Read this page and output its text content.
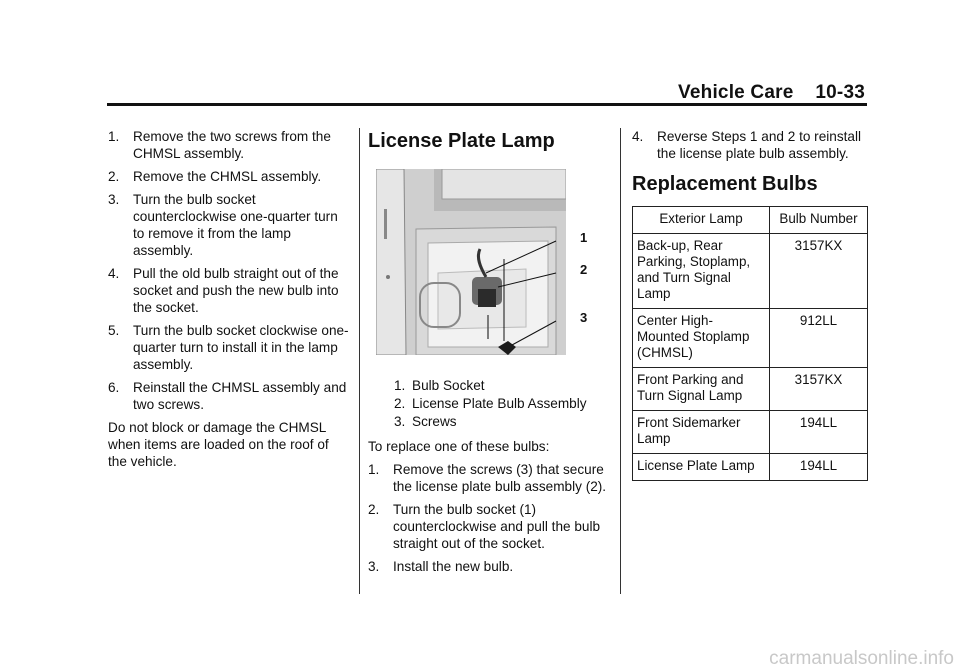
Vehicle Care 10-33
1. Remove the two screws from the CHMSL assembly.
2. Remove the CHMSL assembly.
3. Turn the bulb socket counterclockwise one-quarter turn to remove it from the lamp assembly.
4. Pull the old bulb straight out of the socket and push the new bulb into the socket.
5. Turn the bulb socket clockwise one-quarter turn to install it in the lamp assembly.
6. Reinstall the CHMSL assembly and two screws.

Do not block or damage the CHMSL when items are loaded on the roof of the vehicle.

License Plate Lamp
1
2
3
1. Bulb Socket
2. License Plate Bulb Assembly
3. Screws

To replace one of these bulbs:

1. Remove the screws (3) that secure the license plate bulb assembly (2).
2. Turn the bulb socket (1) counterclockwise and pull the bulb straight out of the socket.
3. Install the new bulb.
4. Reverse Steps 1 and 2 to reinstall the license plate bulb assembly.
Replacement Bulbs
Exterior Lamp	Bulb Number
Back-up, Rear Parking, Stoplamp, and Turn Signal Lamp	3157KX
Center High-Mounted Stoplamp (CHMSL)	912LL
Front Parking and Turn Signal Lamp	3157KX
Front Sidemarker Lamp	194LL
License Plate Lamp	194LL
carmanualsonline.info
